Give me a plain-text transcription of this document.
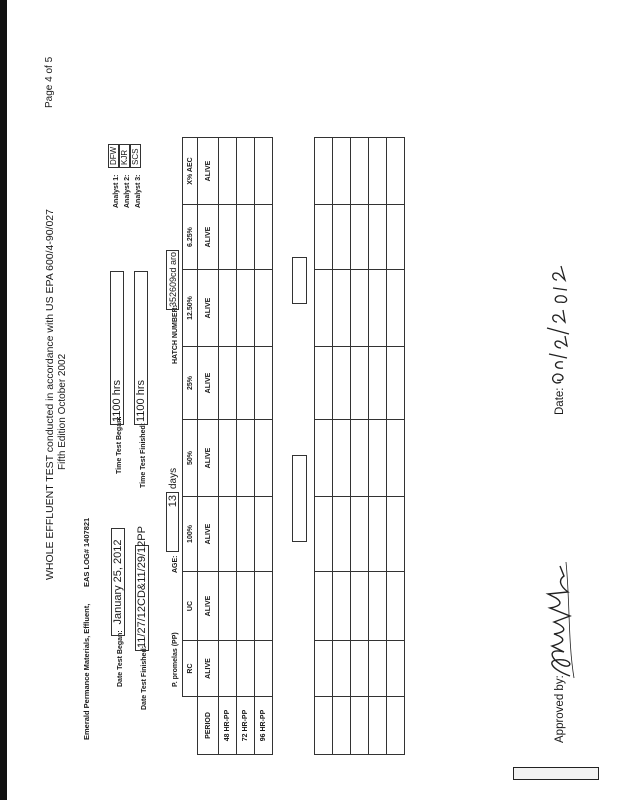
WHOLE EFFLUENT TEST conducted in accordance with US EPA 600/4-90/027 Fifth Edition October 2002
Page 4 of 5
Emerald Permance Materials, Effluent,
EAS LOG# 1407821
Date Test Began:
January 25, 2012
Time Test Began:
1100 hrs
Date Test Finished:
11/27/12CD&11/29/12PP
Time Test Finished:
1100 hrs
Analyst 1:
DFW
Analyst 2:
KJR
Analyst 3:
SCS
P. promelas (PP)
AGE:
13
days
HATCH NUMBER:
352609cd aro
	RC	UC	100%	50%	25%	12.50%	6.25%	X% AEC
PERIOD	ALIVE	ALIVE	ALIVE	ALIVE	ALIVE	ALIVE	ALIVE	ALIVE
48 HR-PP								
72 HR-PP								
96 HR-PP								

									Approved by:
Date:
